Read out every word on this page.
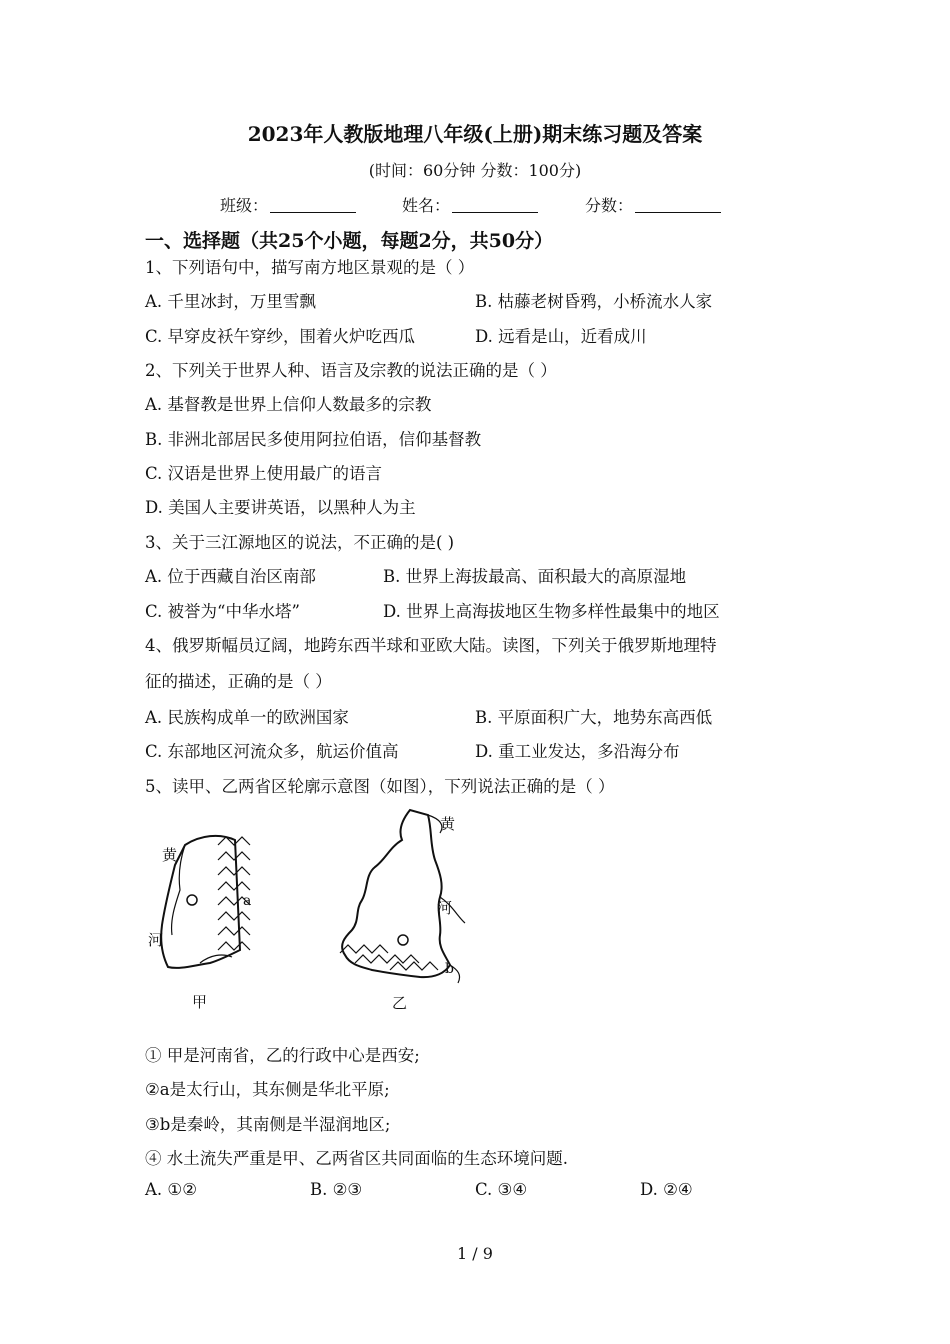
2023年人教版地理八年级(上册)期末练习题及答案
(时间：60分钟 分数：100分)
班级：	姓名：	分数：
一、选择题（共25个小题，每题2分，共50分）
1、下列语句中，描写南方地区景观的是（ ）
A. 千里冰封，万里雪飘	B. 枯藤老树昏鸦，小桥流水人家
C. 早穿皮袄午穿纱，围着火炉吃西瓜	D. 远看是山，近看成川
2、下列关于世界人种、语言及宗教的说法正确的是（ ）
A. 基督教是世界上信仰人数最多的宗教
B. 非洲北部居民多使用阿拉伯语，信仰基督教
C. 汉语是世界上使用最广的语言
D. 美国人主要讲英语，以黑种人为主
3、关于三江源地区的说法，不正确的是( )
A. 位于西藏自治区南部	B. 世界上海拔最高、面积最大的高原湿地
C. 被誉为“中华水塔”	D. 世界上高海拔地区生物多样性最集中的地区
4、俄罗斯幅员辽阔，地跨东西半球和亚欧大陆。读图，下列关于俄罗斯地理特
征的描述，正确的是（ ）
A. 民族构成单一的欧洲国家	B. 平原面积广大，地势东高西低
C. 东部地区河流众多，航运价值高	D. 重工业发达，多沿海分布
5、读甲、乙两省区轮廓示意图（如图），下列说法正确的是（ ）
黄
河
a
甲
黄
河
b
乙
① 甲是河南省，乙的行政中心是西安;
②a是太行山，其东侧是华北平原;
③b是秦岭，其南侧是半湿润地区;
④ 水土流失严重是甲、乙两省区共同面临的生态环境问题.
A. ①②	B. ②③	C. ③④	D. ②④
1 / 9
